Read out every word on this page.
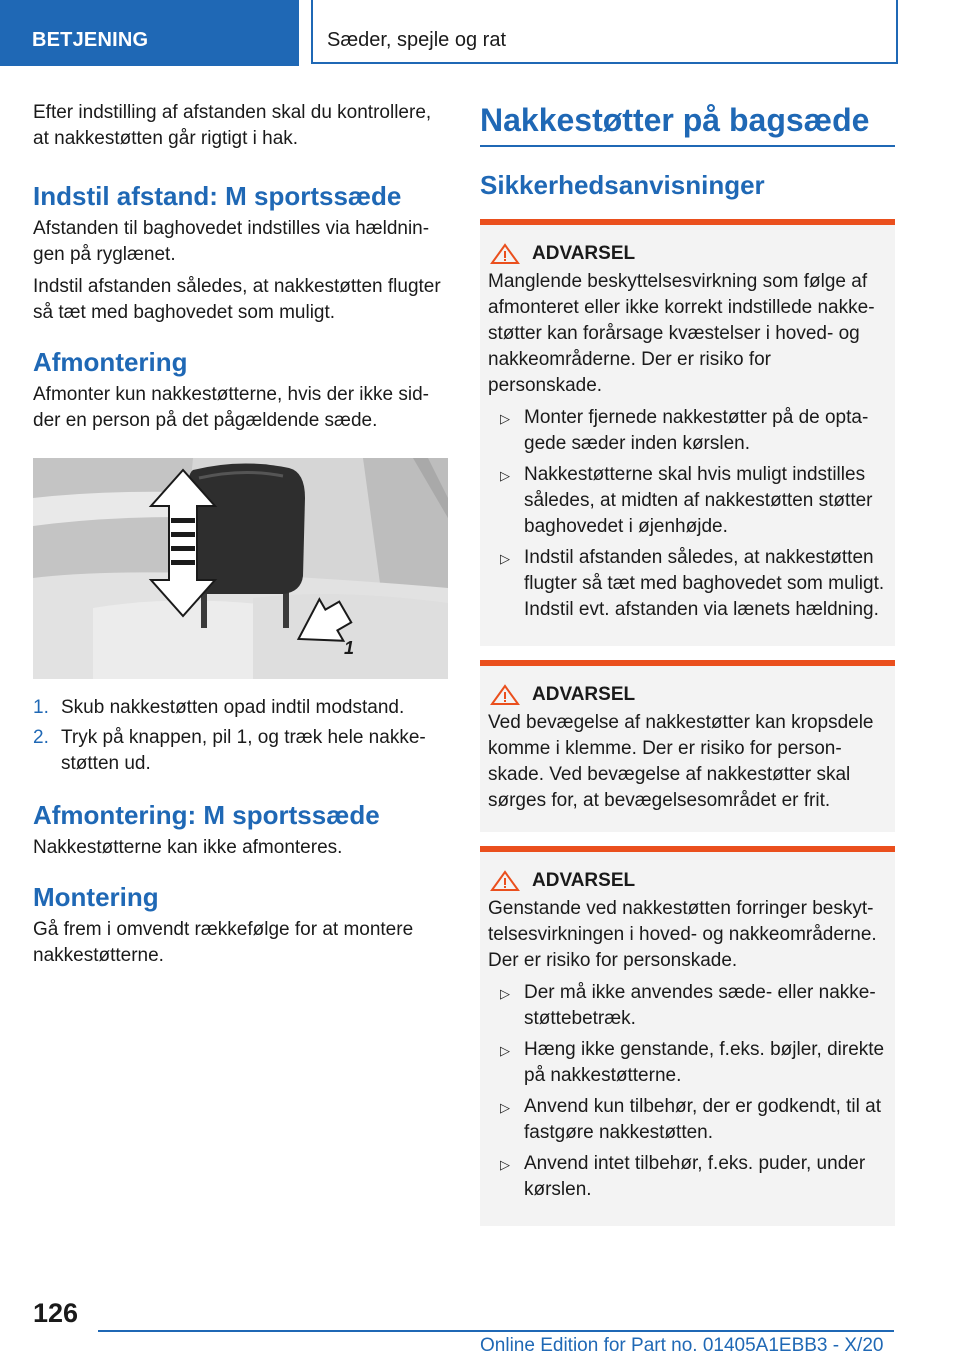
BETJENING	Sæder, spejle og rat

Efter indstilling af afstanden skal du kontrollere, at nakkestøtten går rigtigt i hak.

Indstil afstand: M sportssæde

Afstanden til baghovedet indstilles via hældningen på ryglænet.

Indstil afstanden således, at nakkestøtten flugter så tæt med baghovedet som muligt.

Afmontering

Afmonter kun nakkestøtterne, hvis der ikke sidder en person på det pågældende sæde.

1
1. Skub nakkestøtten opad indtil modstand.
2. Tryk på knappen, pil 1, og træk hele nakkestøtten ud.
Afmontering: M sportssæde

Nakkestøtterne kan ikke afmonteres.

Montering

Gå frem i omvendt rækkefølge for at montere nakkestøtterne.

Nakkestøtter på bagsæde
Sikkerhedsanvisninger
ADVARSEL

Manglende beskyttelsesvirkning som følge af afmonteret eller ikke korrekt indstillede nakkestøtter kan forårsage kvæstelser i hoved- og nakkeområderne. Der er risiko for personskade.

▷ Monter fjernede nakkestøtter på de optagede sæder inden kørslen.
▷ Nakkestøtterne skal hvis muligt indstilles således, at midten af nakkestøtten støtter baghovedet i øjenhøjde.
▷ Indstil afstanden således, at nakkestøtten flugter så tæt med baghovedet som muligt. Indstil evt. afstanden via lænets hældning.
ADVARSEL

Ved bevægelse af nakkestøtter kan kropsdele komme i klemme. Der er risiko for personskade. Ved bevægelse af nakkestøtter skal sørges for, at bevægelsesområdet er frit.

ADVARSEL

Genstande ved nakkestøtten forringer beskyttelsesvirkningen i hoved- og nakkeområderne. Der er risiko for personskade.

▷ Der må ikke anvendes sæde- eller nakkestøttebetræk.
▷ Hæng ikke genstande, f.eks. bøjler, direkte på nakkestøtterne.
▷ Anvend kun tilbehør, der er godkendt, til at fastgøre nakkestøtten.
▷ Anvend intet tilbehør, f.eks. puder, under kørslen.
126
Online Edition for Part no. 01405A1EBB3 - X/20
